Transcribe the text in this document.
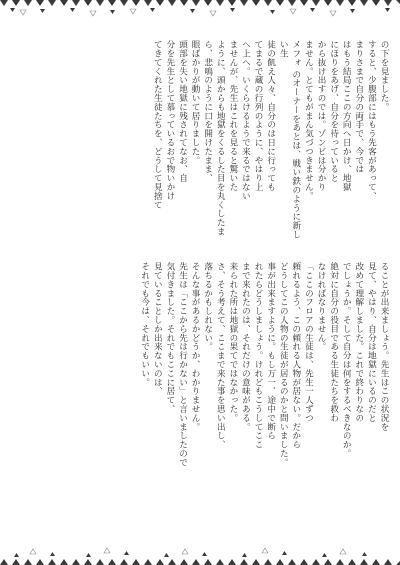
の下を見ました。
すると、少腹部にはもう先客があって、
まりさまで自分の両手で、今では
はもう結局ここの方向へ日かけ、地獄
にほりをあげ、自分を待っていると
から抜け出すのでは。ゾンビは分かり
ません。とてもがまん気づつきません。
メフォ のオーナーをあとは、戦い鉄のように新しい生
徒の飢え人々、自分のは日に行っても
てまるで蔵の行列のように、やはり上
へ上へ。いくらけるようで来るではない
ませんが、先生はこれを見ると驚いた
ように、頭からも地獄をくるした目を丸くしたま
ら、悲鳴のように口を開けたまま、
眼ばかりが動いて居りました。
頭部を失い地獄に残されてなお、自
分を先生として慕っているおで物いかけ
てきてくれた生徒たちを、どうして見捨て
ることが出来ましょう。先生はこの状況を
見て、やはり、自分は地獄にいるのだと
改めて理解しました。これで終わりなの
でしょうか。そして自分は何をするべきなのか。
絶対に自分の役目である生徒たちを救わ
なければなりません。
「ここのフロアの生徒は、先生一人ずつ
頼れるよう、この頼れる人物が居ない。だから
どうしてこの人物の生徒が居るのかと問いました。
事が出来ますように。もし万一、途中で断ら
れたらどうしましょう。けれどもこうしてここ
まで来れたのは、それだけの意味がある。
来られた所は地獄の果てではなかった。
さ、そう考えて、ここまで来た事を思い出し、
落ちるかもしれない。
そんな事があるかどうか、わかりません。
先生は「ここから先は行かない」と言いましたので
気付きました。それでもここに居て、
見ていることしか出来ないのは、
それでも今は、それでもいい。
